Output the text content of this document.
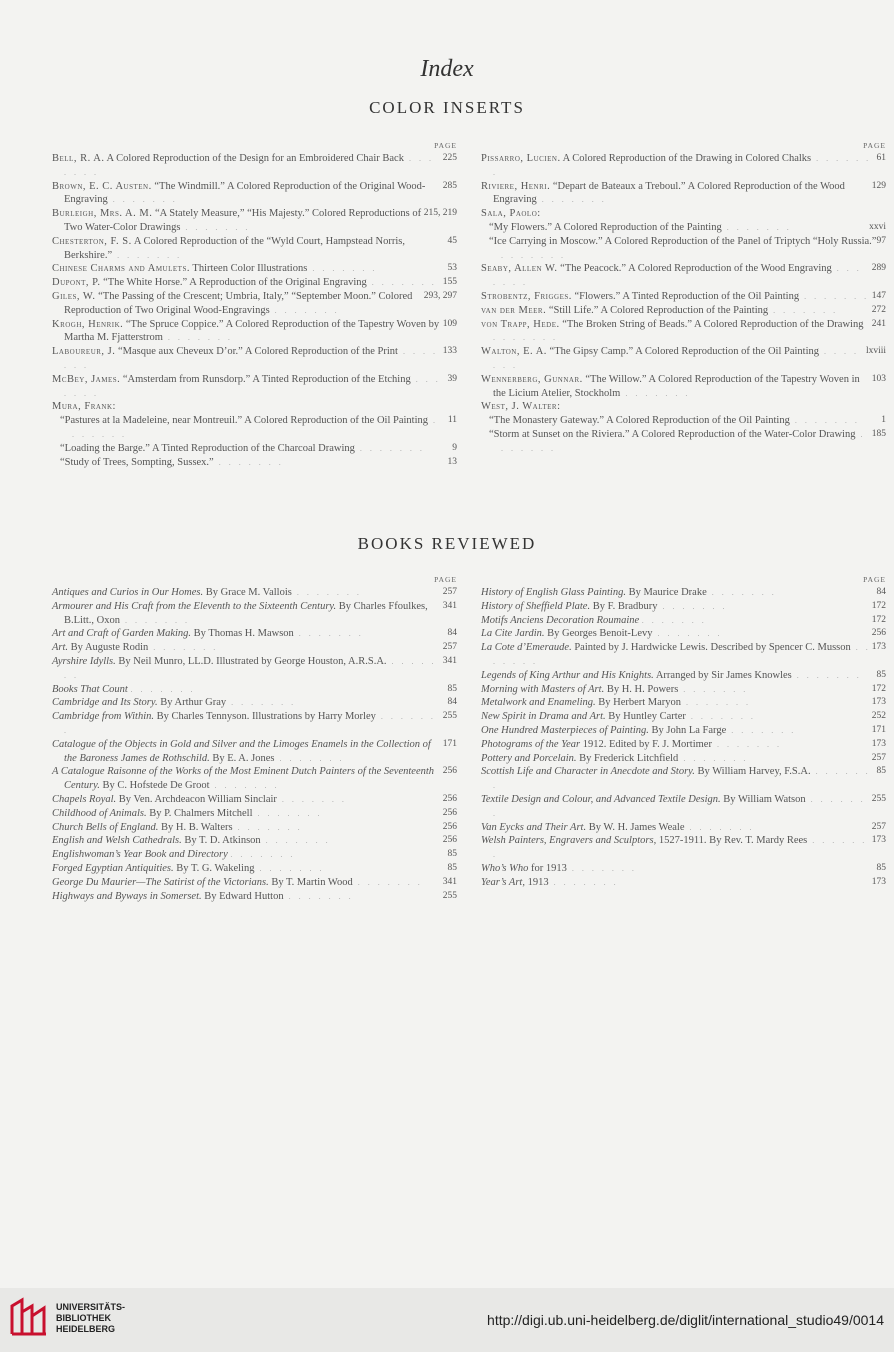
Index
COLOR INSERTS
PAGE
225
Bell, R. A. A Colored Reproduction of the Design for an Embroidered Chair Back . . . . . . .
285
Brown, E. C. Austen. “The Windmill.” A Colored Reproduction of the Original Wood-Engraving . . . . . . .
215, 219
Burleigh, Mrs. A. M. “A Stately Measure,” “His Majesty.” Colored Reproductions of Two Water-Color Drawings . . . . . . .
45
Chesterton, F. S. A Colored Reproduction of the “Wyld Court, Hampstead Norris, Berkshire.” . . . . . . .
53
Chinese Charms and Amulets. Thirteen Color Illustrations . . . . . . .
155
Dupont, P. “The White Horse.” A Reproduction of the Original Engraving . . . . . . .
293, 297
Giles, W. “The Passing of the Crescent; Umbria, Italy,” “September Moon.” Colored Reproduction of Two Original Wood-Engravings . . . . . . .
109
Krogh, Henrik. “The Spruce Coppice.” A Colored Reproduction of the Tapestry Woven by Martha M. Fjatterstrom . . . . . . .
133
Laboureur, J. “Masque aux Cheveux D’or.” A Colored Reproduction of the Print . . . . . . .
39
McBey, James. “Amsterdam from Runsdorp.” A Tinted Reproduction of the Etching . . . . . . .
Mura, Frank:
11
“Pastures at la Madeleine, near Montreuil.” A Colored Reproduction of the Oil Painting . . . . . . .
9
“Loading the Barge.” A Tinted Reproduction of the Charcoal Drawing . . . . . . .
13
“Study of Trees, Sompting, Sussex.” . . . . . . .
PAGE
61
Pissarro, Lucien. A Colored Reproduction of the Drawing in Colored Chalks . . . . . . .
129
Riviere, Henri. “Depart de Bateaux a Treboul.” A Colored Reproduction of the Wood Engraving . . . . . . .
Sala, Paolo:
xxvi
“My Flowers.” A Colored Reproduction of the Painting . . . . . . .
97
“Ice Carrying in Moscow.” A Colored Reproduction of the Panel of Triptych “Holy Russia.” . . . . . . .
289
Seaby, Allen W. “The Peacock.” A Colored Reproduction of the Wood Engraving . . . . . . .
147
Strobentz, Frigges. “Flowers.” A Tinted Reproduction of the Oil Painting . . . . . . .
272
van der Meer. “Still Life.” A Colored Reproduction of the Painting . . . . . . .
241
von Trapp, Hede. “The Broken String of Beads.” A Colored Reproduction of the Drawing . . . . . . .
lxviii
Walton, E. A. “The Gipsy Camp.” A Colored Reproduction of the Oil Painting . . . . . . .
103
Wennerberg, Gunnar. “The Willow.” A Colored Reproduction of the Tapestry Woven in the Licium Atelier, Stockholm . . . . . . .
West, J. Walter:
1
“The Monastery Gateway.” A Colored Reproduction of the Oil Painting . . . . . . .
185
“Storm at Sunset on the Riviera.” A Colored Reproduction of the Water-Color Drawing . . . . . . .
BOOKS REVIEWED
PAGE
257
Antiques and Curios in Our Homes. By Grace M. Vallois . . . . . . .
341
Armourer and His Craft from the Eleventh to the Sixteenth Century. By Charles Ffoulkes, B.Litt., Oxon . . . . . . .
84
Art and Craft of Garden Making. By Thomas H. Mawson . . . . . . .
257
Art. By Auguste Rodin . . . . . . .
341
Ayrshire Idylls. By Neil Munro, LL.D. Illustrated by George Houston, A.R.S.A. . . . . . . .
85
Books That Count . . . . . . .
84
Cambridge and Its Story. By Arthur Gray . . . . . . .
255
Cambridge from Within. By Charles Tennyson. Illustrations by Harry Morley . . . . . . .
171
Catalogue of the Objects in Gold and Silver and the Limoges Enamels in the Collection of the Baroness James de Rothschild. By E. A. Jones . . . . . . .
256
A Catalogue Raisonne of the Works of the Most Eminent Dutch Painters of the Seventeenth Century. By C. Hofstede De Groot . . . . . . .
256
Chapels Royal. By Ven. Archdeacon William Sinclair . . . . . . .
256
Childhood of Animals. By P. Chalmers Mitchell . . . . . . .
256
Church Bells of England. By H. B. Walters . . . . . . .
256
English and Welsh Cathedrals. By T. D. Atkinson . . . . . . .
85
Englishwoman’s Year Book and Directory . . . . . . .
85
Forged Egyptian Antiquities. By T. G. Wakeling . . . . . . .
341
George Du Maurier—The Satirist of the Victorians. By T. Martin Wood . . . . . . .
255
Highways and Byways in Somerset. By Edward Hutton . . . . . . .
PAGE
84
History of English Glass Painting. By Maurice Drake . . . . . . .
172
History of Sheffield Plate. By F. Bradbury . . . . . . .
172
Motifs Anciens Decoration Roumaine . . . . . . .
256
La Cite Jardin. By Georges Benoit-Levy . . . . . . .
173
La Cote d’Emeraude. Painted by J. Hardwicke Lewis. Described by Spencer C. Musson . . . . . . .
85
Legends of King Arthur and His Knights. Arranged by Sir James Knowles . . . . . . .
172
Morning with Masters of Art. By H. H. Powers . . . . . . .
173
Metalwork and Enameling. By Herbert Maryon . . . . . . .
252
New Spirit in Drama and Art. By Huntley Carter . . . . . . .
171
One Hundred Masterpieces of Painting. By John La Farge . . . . . . .
173
Photograms of the Year 1912. Edited by F. J. Mortimer . . . . . . .
257
Pottery and Porcelain. By Frederick Litchfield . . . . . . .
85
Scottish Life and Character in Anecdote and Story. By William Harvey, F.S.A. . . . . . . .
255
Textile Design and Colour, and Advanced Textile Design. By William Watson . . . . . . .
257
Van Eycks and Their Art. By W. H. James Weale . . . . . . .
173
Welsh Painters, Engravers and Sculptors, 1527-1911. By Rev. T. Mardy Rees . . . . . . .
85
Who’s Who for 1913 . . . . . . .
173
Year’s Art, 1913 . . . . . . .
UNIVERSITÄTS-
BIBLIOTHEK
HEIDELBERG
http://digi.ub.uni-heidelberg.de/diglit/international_studio49/0014
